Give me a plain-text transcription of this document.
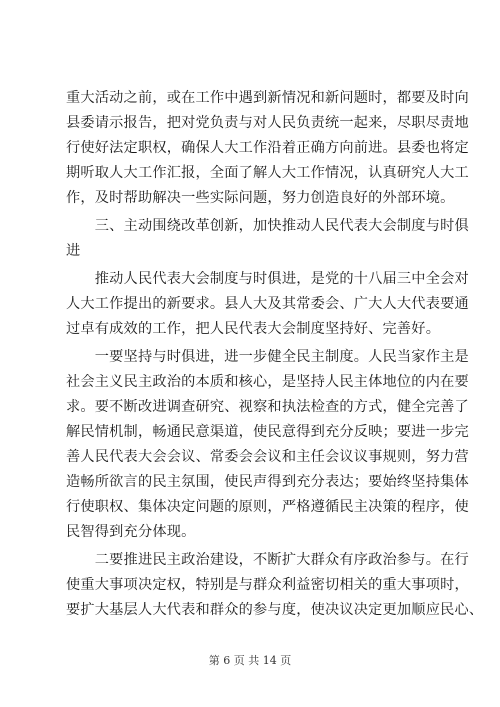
重大活动之前，或在工作中遇到新情况和新问题时，都要及时向
县委请示报告，把对党负责与对人民负责统一起来，尽职尽责地
行使好法定职权，确保人大工作沿着正确方向前进。县委也将定
期听取人大工作汇报，全面了解人大工作情况，认真研究人大工
作，及时帮助解决一些实际问题，努力创造良好的外部环境。
　　三、主动围绕改革创新，加快推动人民代表大会制度与时俱
进
　　推动人民代表大会制度与时俱进，是党的十八届三中全会对
人大工作提出的新要求。县人大及其常委会、广大人大代表要通
过卓有成效的工作，把人民代表大会制度坚持好、完善好。
　　一要坚持与时俱进，进一步健全民主制度。人民当家作主是
社会主义民主政治的本质和核心，是坚持人民主体地位的内在要
求。要不断改进调查研究、视察和执法检查的方式，健全完善了
解民情机制，畅通民意渠道，使民意得到充分反映；要进一步完
善人民代表大会会议、常委会会议和主任会议议事规则，努力营
造畅所欲言的民主氛围，使民声得到充分表达；要始终坚持集体
行使职权、集体决定问题的原则，严格遵循民主决策的程序，使
民智得到充分体现。
　　二要推进民主政治建设，不断扩大群众有序政治参与。在行
使重大事项决定权，特别是与群众利益密切相关的重大事项时，
要扩大基层人大代表和群众的参与度，使决议决定更加顺应民心、
第 6 页 共 14 页
